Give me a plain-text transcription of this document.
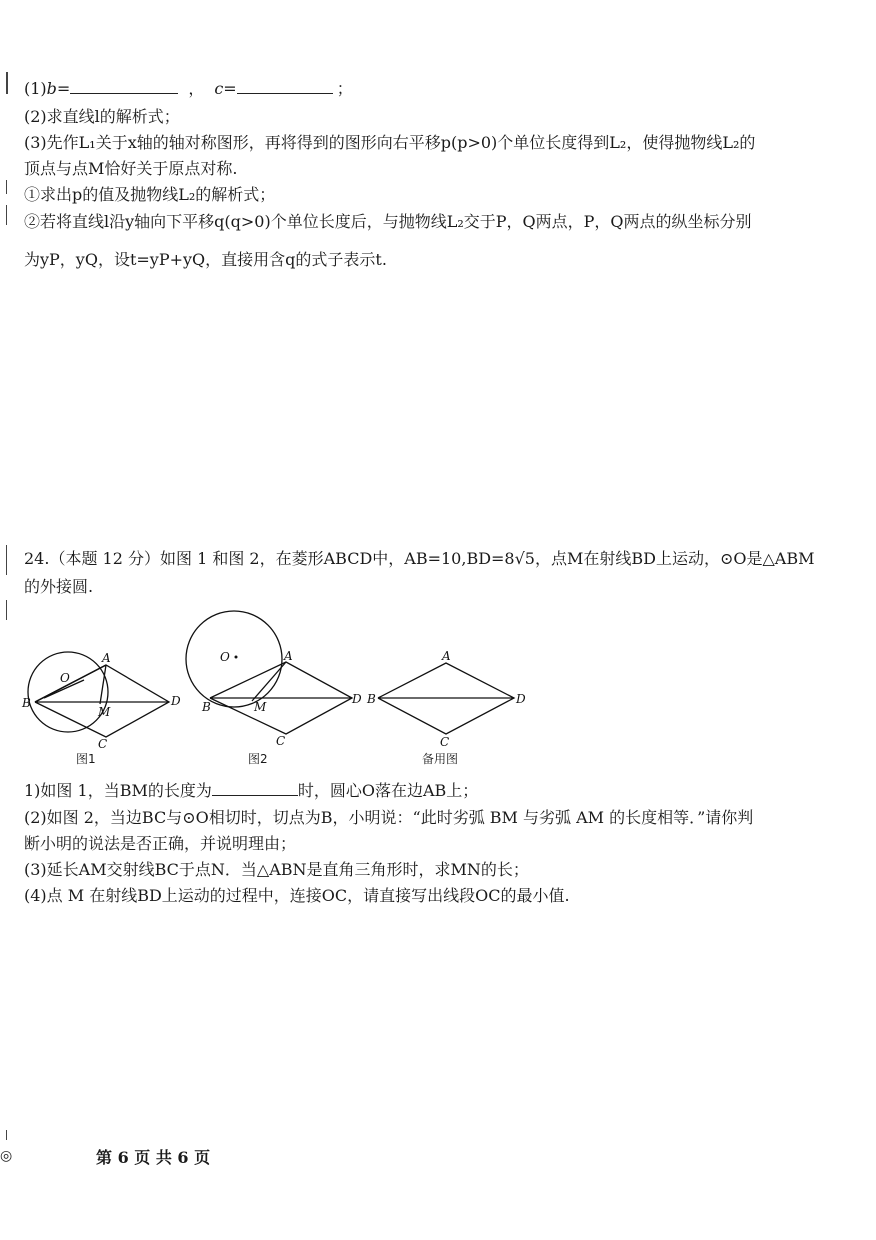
(1)b=	， c=	；
(2)求直线l的解析式；
(3)先作L₁关于x轴的轴对称图形，再将得到的图形向右平移p(p>0)个单位长度得到L₂，使得抛物线L₂的
顶点与点M恰好关于原点对称.
①求出p的值及抛物线L₂的解析式；
②若将直线l沿y轴向下平移q(q>0)个单位长度后，与抛物线L₂交于P，Q两点，P，Q两点的纵坐标分别
为yP，yQ，设t=yP+yQ，直接用含q的式子表示t.
24.（本题 12 分）如图 1 和图 2，在菱形ABCD中，AB=10,BD=8√5，点M在射线BD上运动，⊙O是△ABM
的外接圆.
A
B
C
D
M
O
O	A
B
C
D
M
A
B
C
D
图1	图2	备用图
1)如图 1，当BM的长度为	时，圆心O落在边AB上；
(2)如图 2，当边BC与⊙O相切时，切点为B，小明说：“此时劣弧 BM 与劣弧 AM 的长度相等．”请你判
断小明的说法是否正确，并说明理由；
(3)延长AM交射线BC于点N．当△ABN是直角三角形时，求MN的长；
(4)点 M 在射线BD上运动的过程中，连接OC，请直接写出线段OC的最小值.
◎	第 6 页 共 6 页
